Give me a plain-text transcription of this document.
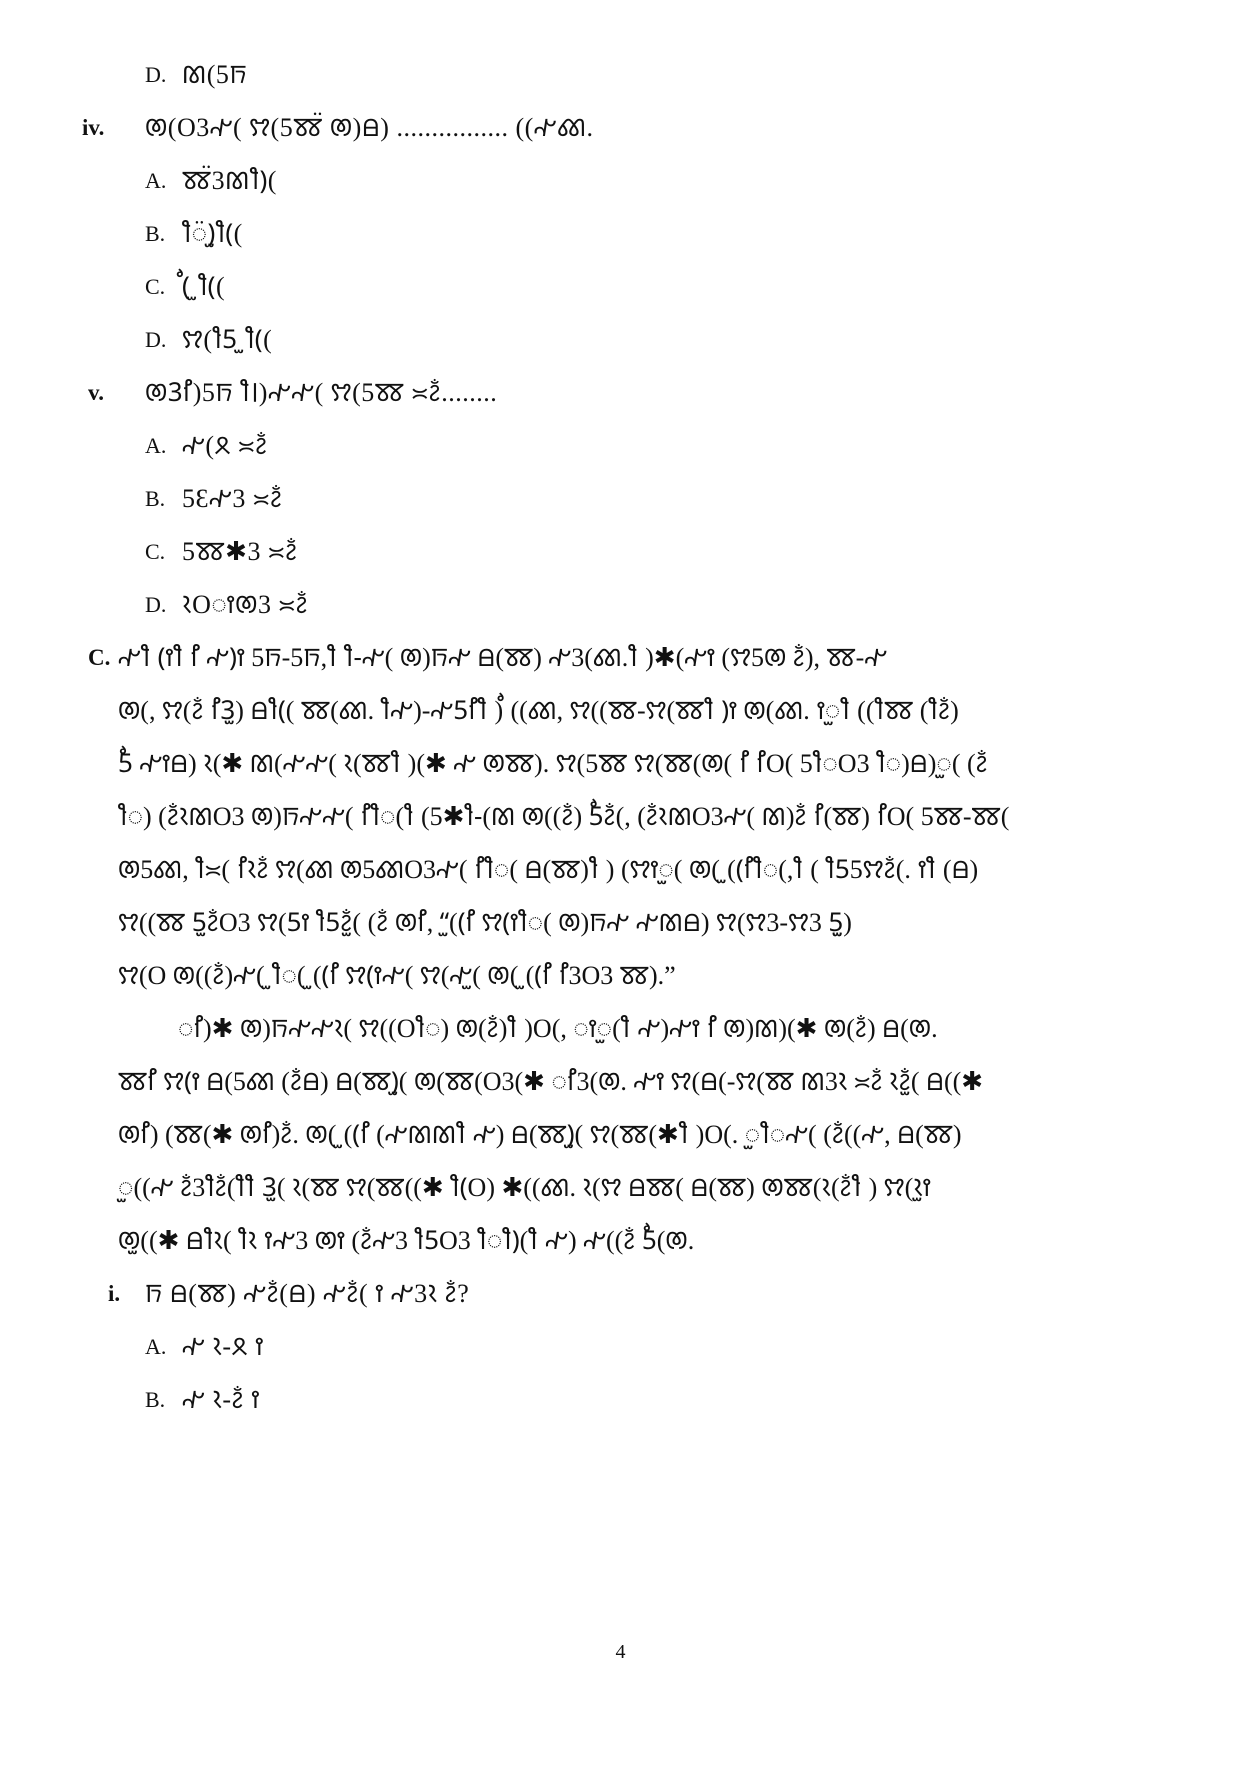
D. ꫧ(5ꫨ
iv. ꫦ(O3ꫣ( ꫢ(5ꫩ̈ ꫦ)ꫪ) ................ ((ꫣꫤ.
A. ꫩ̈3ꫧ)ꫫ(
B. ꫫ̈)ꫬ(ꫫ(
C. (ꫭ ꫬ(ꫫ(
D. ꫢ(5ꫮ ꫬ(ꫫ(
v. ꫦ3ꫯ)5ꫨ ꫰ꫫ)ꫣꫣ( ꫢ(5ꫩ ꫱ꫲ........
A. ꫣ(ꫳ ꫱ꫲ
B. 5Ɛꫣ3 ꫱ꫲ
C. 5ꫩ✱3 ꫱ꫲ
D. ꫴOꫵꫦ3 ꫱ꫲ
C. ꫣ ꫫ(ꫵ ꫫꫯ ꫣ)ꫵ 5ꫨ-5ꫨ, ꫫ-ꫫꫣ( ꫦ)ꫨꫣ ꫪ(ꫩ) ꫣ3(ꫤ. ꫫ)✱(ꫣꫵ (ꫢ5ꫦ ꫲ), ꫩ-ꫣ
ꫦ(, ꫢ(ꫲ ꫯ3ꫬ) ꫪ(ꫮ( ꫩ(ꫤ. ꫣꫫ)-ꫣ5ꫯ ꫫ) ꫭ((ꫤ, ꫢ((ꫩ-ꫢ(ꫩ ꫫ)ꫵ ꫦ(ꫤ. ꫵꫬ ꫫ((ꫩꫫ (ꫲꫫ)
5ꫭ ꫣꫵꫪ) ꫴ(✱ ꫧ(ꫣꫣ( ꫴ(ꫩ ꫫ)(✱ ꫣ ꫦꫩ). ꫢ(5ꫩ ꫢ(ꫩ(ꫦ( ꫯ ꫯO( 5ꫮO3 ꫫ)ꫪ)ꫬ( (ꫲ
ꫮ) (ꫲꫴꫧO3 ꫦ)ꫨꫣꫣ( ꫯꫫ( ꫮ(5✱-ꫮ(ꫧ ꫦ((ꫲ) 5ꫭꫲ(, (ꫲꫴꫧO3ꫣ( ꫧ)ꫲ ꫯ(ꫩ) ꫯO( 5ꫩ-ꫩ(
ꫦ5ꫤ, ꫱ꫫ( ꫯꫴꫲ ꫢ(ꫤ ꫦ5ꫤO3ꫣ( ꫯꫫ( ꫪ(ꫩ) ꫮ) (ꫢꫵꫬ( ꫦ( ꫬ((ꫯꫫ(, ꫫ( 5ꫫ5ꫢꫲ(. ꫵ ꫫ(ꫪ)
ꫢ((ꫩ 5ꫬꫲO3 ꫢ(5ꫵ 5ꫮꫲꫬ( (ꫲ ꫦꫯ, “ꫬ((ꫯ ꫢ(ꫵꫫ( ꫦ)ꫨꫣ ꫣꫧꫪ) ꫢ(ꫢ3-ꫢ3 5ꫬꫬ)
ꫢ(O ꫦ((ꫲ)ꫣ( ꫬꫫ( ꫬ((ꫯ ꫢ(ꫵꫣ( ꫢ(ꫣꫬ( ꫦ( ꫬ((ꫯ ꫯ3O3 ꫩ).”
ꫯ)✱ ꫦ)ꫨꫣꫣꫴ( ꫢ((Oꫮ) ꫦ(ꫲ) ꫫ)O(, ꫵꫬ( ꫫꫣ)ꫣꫵ ꫯ ꫦ)ꫧ)(✱ ꫦ(ꫲ) ꫪ(ꫦ.
ꫩꫯ ꫢ(ꫵ ꫪ(5ꫤ (ꫲꫪ) ꫪ(ꫩ)ꫬ( ꫦ(ꫩ(O3(✱ ꫯ3(ꫦ. ꫣꫵ ꫢ(ꫪ(-ꫢ(ꫩ ꫧ3ꫴ ꫱ꫲ ꫴꫲꫬ( ꫪ((✱
ꫦꫯ) (ꫩ(✱ ꫦꫯ)ꫲ. ꫦ( ꫬ((ꫯ (ꫣꫧꫧ ꫫꫣ) ꫪ(ꫩ)ꫬ( ꫢ(ꫩ(✱ ꫫ)O(. ꫬꫫꫣ( (ꫲ((ꫣ, ꫪ(ꫩ)
ꫬ((ꫣ ꫲ3ꫲꫫ( ꫫꫫ3ꫬ( ꫴ(ꫩ ꫢ(ꫩ((✱ (ꫫO) ✱((ꫤ. ꫴ(ꫢ ꫪꫩ( ꫪ(ꫩ) ꫦꫩ(ꫴ(ꫲ ꫮ) ꫢ(ꫴꫬꫵ
ꫦꫬ((✱ ꫪꫴꫫ( ꫴꫫ ꫵꫣ3 ꫦꫵ (ꫲꫣ3 5ꫮO3 ꫫ)ꫫ( ꫫꫣ) ꫣ((ꫲ 5ꫭ(ꫦ.
i. ꫨ ꫪ(ꫩ) ꫣꫲ(ꫪ) ꫣꫲ( ꫵ ꫣ3ꫴ ꫲ?
A. ꫣ ꫴ-ꫳ ꫵ
B. ꫣ ꫴ-ꫲ ꫵ
4
